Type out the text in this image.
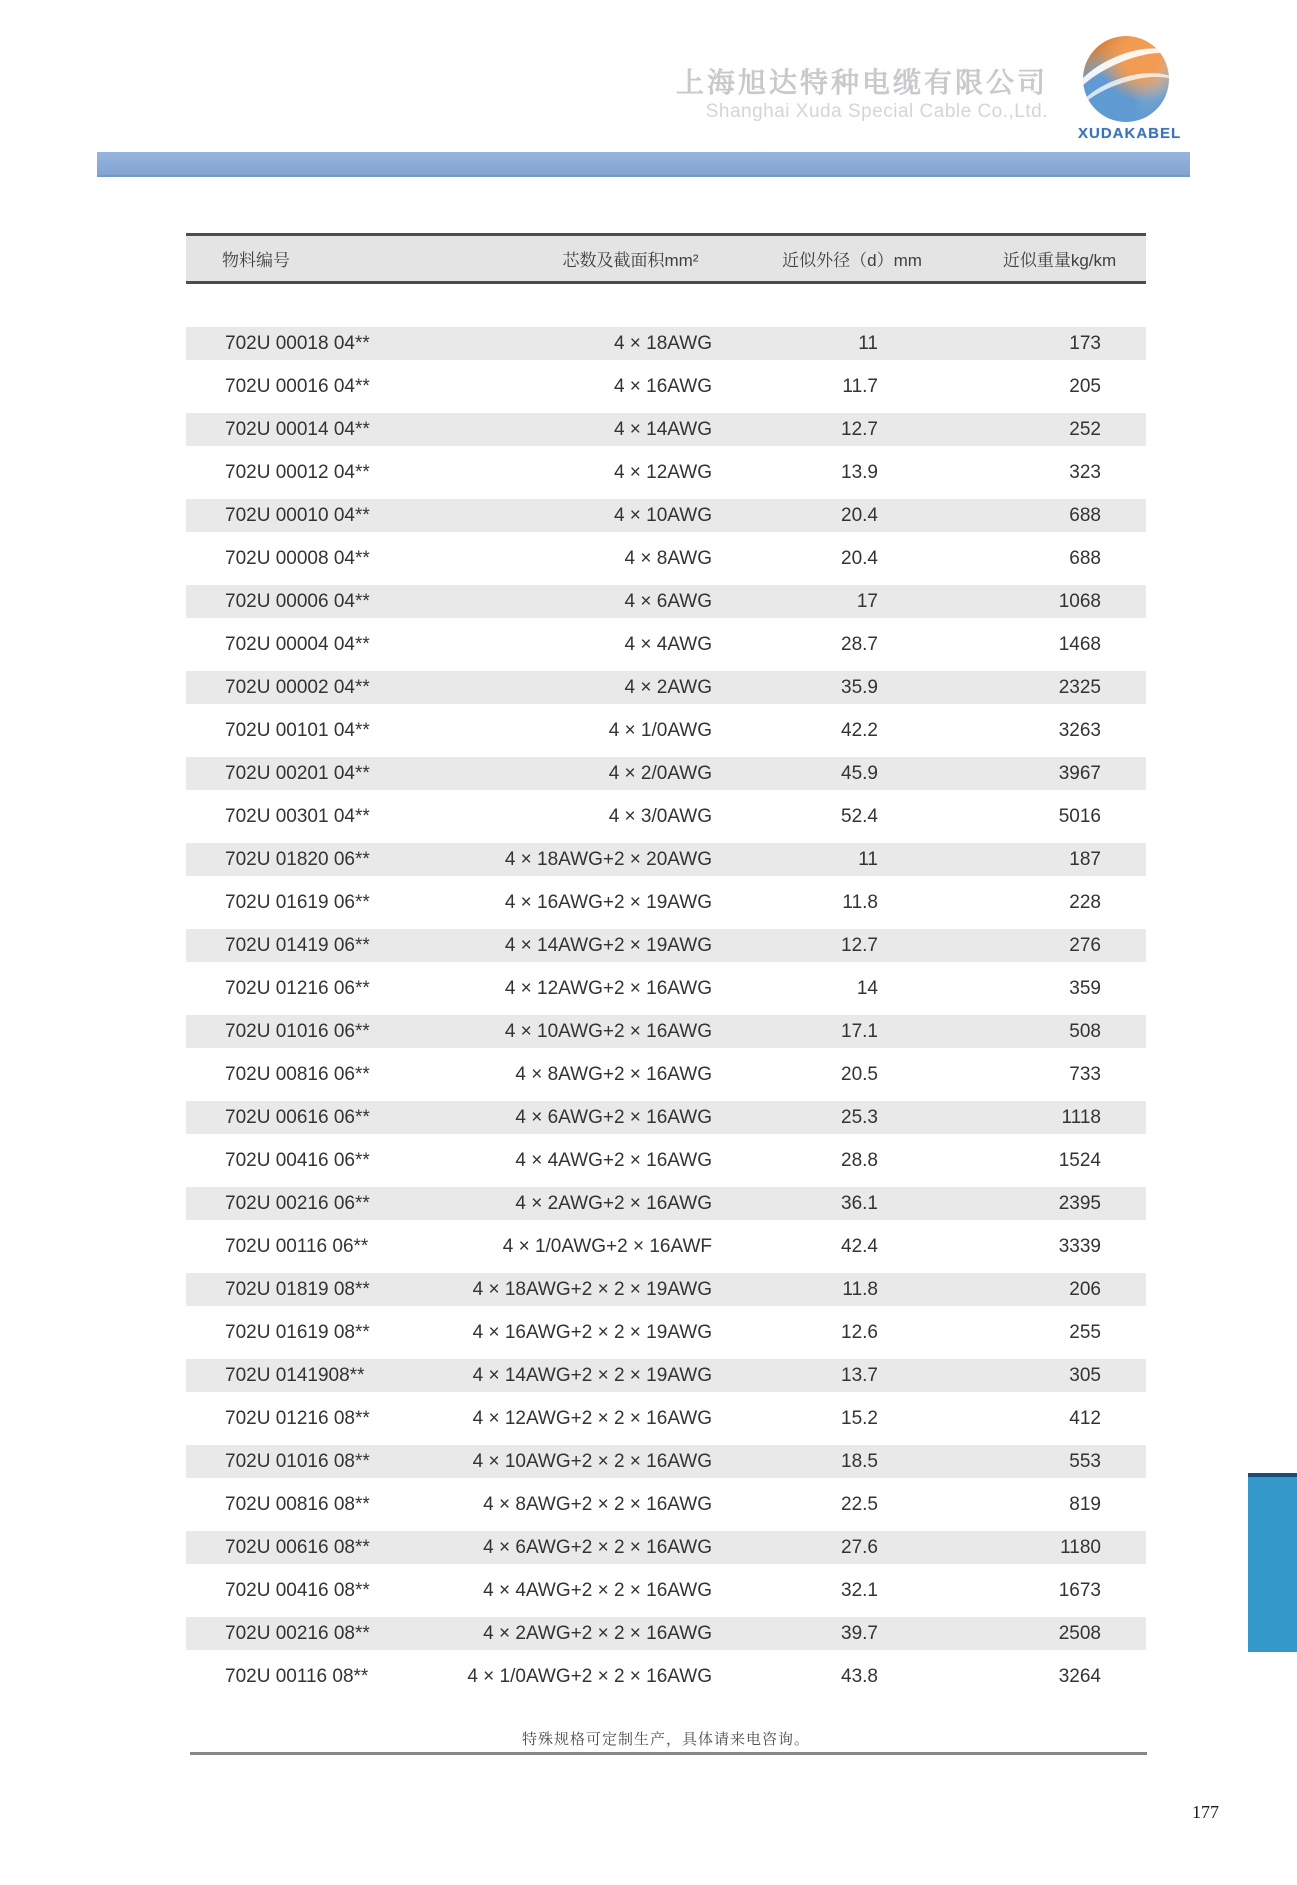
上海旭达特种电缆有限公司
Shanghai Xuda Special Cable Co.,Ltd.
XUDAKABEL
物料编号	芯数及截面积mm²	近似外径（d）mm	近似重量kg/km
702U 00018 04**	4 × 18AWG	11	173
702U 00016 04**	4 × 16AWG	11.7	205
702U 00014 04**	4 × 14AWG	12.7	252
702U 00012 04**	4 × 12AWG	13.9	323
702U 00010 04**	4 × 10AWG	20.4	688
702U 00008 04**	4 × 8AWG	20.4	688
702U 00006 04**	4 × 6AWG	17	1068
702U 00004 04**	4 × 4AWG	28.7	1468
702U 00002 04**	4 × 2AWG	35.9	2325
702U 00101 04**	4 × 1/0AWG	42.2	3263
702U 00201 04**	4 × 2/0AWG	45.9	3967
702U 00301 04**	4 × 3/0AWG	52.4	5016
702U 01820 06**	4 × 18AWG+2 × 20AWG	11	187
702U 01619 06**	4 × 16AWG+2 × 19AWG	11.8	228
702U 01419 06**	4 × 14AWG+2 × 19AWG	12.7	276
702U 01216 06**	4 × 12AWG+2 × 16AWG	14	359
702U 01016 06**	4 × 10AWG+2 × 16AWG	17.1	508
702U 00816 06**	4 × 8AWG+2 × 16AWG	20.5	733
702U 00616 06**	4 × 6AWG+2 × 16AWG	25.3	1118
702U 00416 06**	4 × 4AWG+2 × 16AWG	28.8	1524
702U 00216 06**	4 × 2AWG+2 × 16AWG	36.1	2395
702U 00116 06**	4 × 1/0AWG+2 × 16AWF	42.4	3339
702U 01819 08**	4 × 18AWG+2 × 2 × 19AWG	11.8	206
702U 01619 08**	4 × 16AWG+2 × 2 × 19AWG	12.6	255
702U 0141908**	4 × 14AWG+2 × 2 × 19AWG	13.7	305
702U 01216 08**	4 × 12AWG+2 × 2 × 16AWG	15.2	412
702U 01016 08**	4 × 10AWG+2 × 2 × 16AWG	18.5	553
702U 00816 08**	4 × 8AWG+2 × 2 × 16AWG	22.5	819
702U 00616 08**	4 × 6AWG+2 × 2 × 16AWG	27.6	1180
702U 00416 08**	4 × 4AWG+2 × 2 × 16AWG	32.1	1673
702U 00216 08**	4 × 2AWG+2 × 2 × 16AWG	39.7	2508
702U 00116 08**	4 × 1/0AWG+2 × 2 × 16AWG	43.8	3264
特殊规格可定制生产，具体请来电咨询。
177
